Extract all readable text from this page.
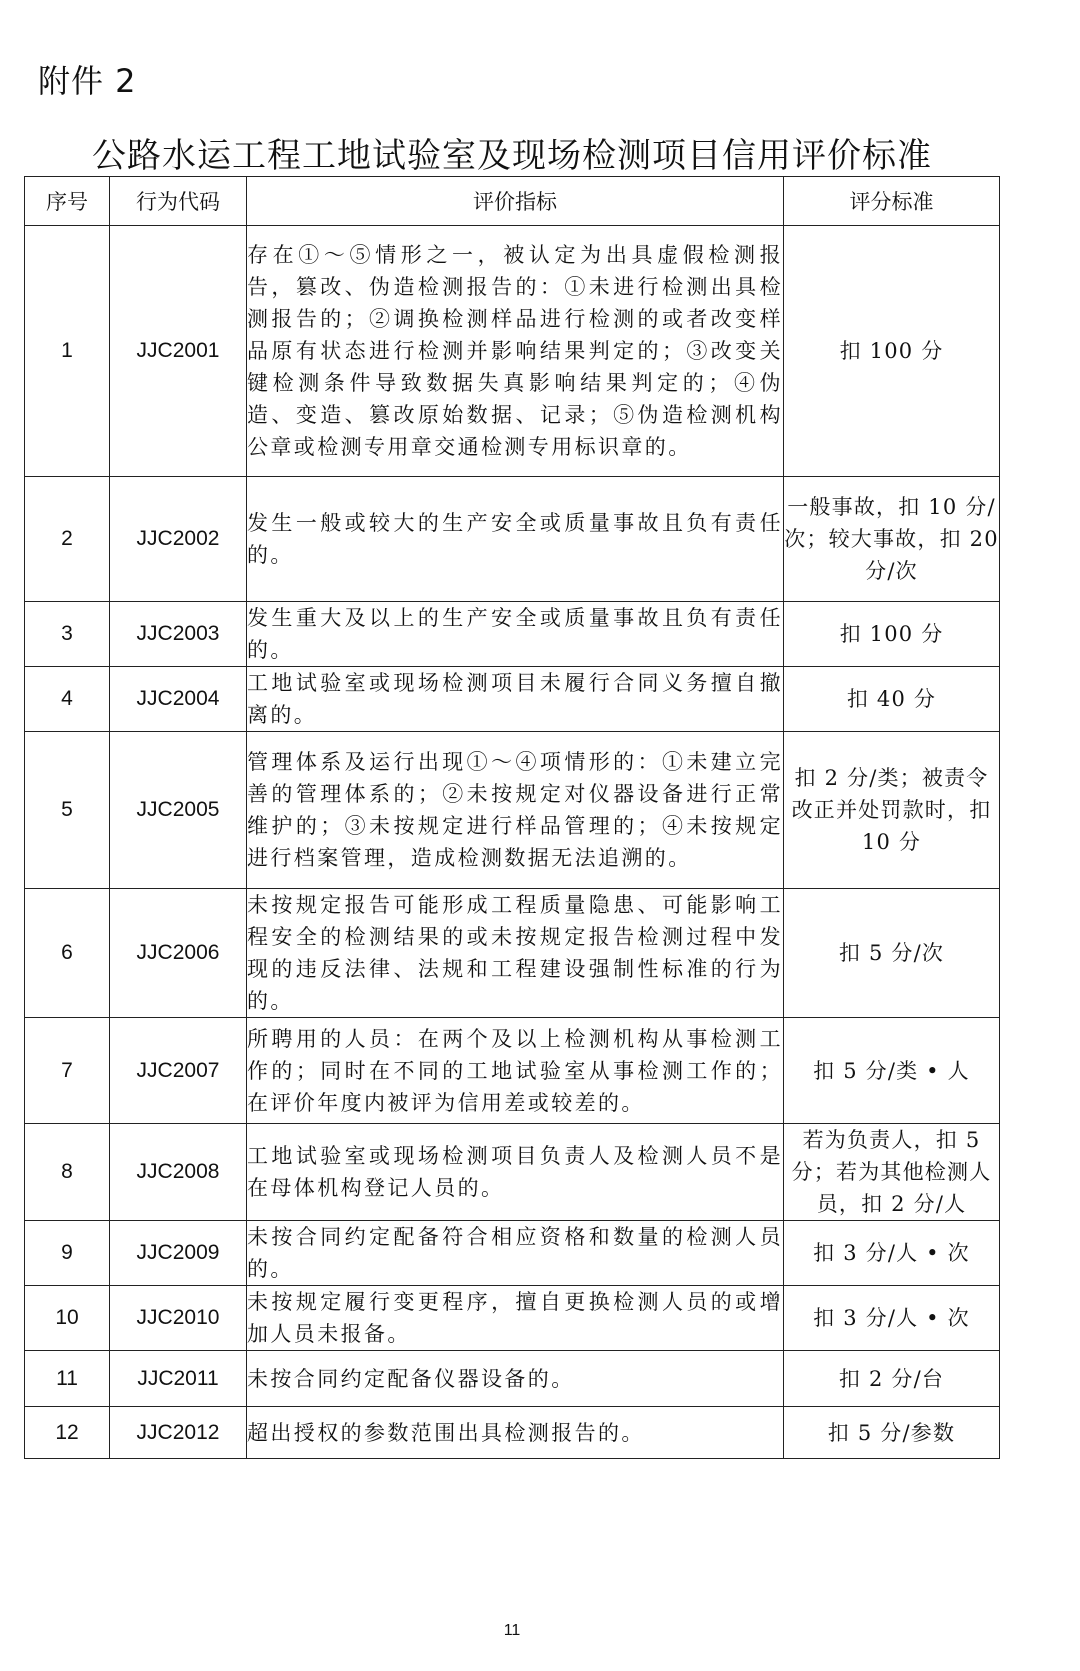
附件 2
公路水运工程工地试验室及现场检测项目信用评价标准
序号	行为代码	评价指标	评分标准
1	JJC2001	存在①～⑤情形之一，被认定为出具虚假检测报告，篡改、伪造检测报告的：①未进行检测出具检测报告的；②调换检测样品进行检测的或者改变样品原有状态进行检测并影响结果判定的；③改变关键检测条件导致数据失真影响结果判定的；④伪造、变造、篡改原始数据、记录；⑤伪造检测机构公章或检测专用章交通检测专用标识章的。	扣 100 分
2	JJC2002	发生一般或较大的生产安全或质量事故且负有责任的。	一般事故，扣 10 分/次；较大事故，扣 20 分/次
3	JJC2003	发生重大及以上的生产安全或质量事故且负有责任的。	扣 100 分
4	JJC2004	工地试验室或现场检测项目未履行合同义务擅自撤离的。	扣 40 分
5	JJC2005	管理体系及运行出现①～④项情形的：①未建立完善的管理体系的；②未按规定对仪器设备进行正常维护的；③未按规定进行样品管理的；④未按规定进行档案管理，造成检测数据无法追溯的。	扣 2 分/类；被责令改正并处罚款时，扣 10 分
6	JJC2006	未按规定报告可能形成工程质量隐患、可能影响工程安全的检测结果的或未按规定报告检测过程中发现的违反法律、法规和工程建设强制性标准的行为的。	扣 5 分/次
7	JJC2007	所聘用的人员：在两个及以上检测机构从事检测工作的；同时在不同的工地试验室从事检测工作的；在评价年度内被评为信用差或较差的。	扣 5 分/类 • 人
8	JJC2008	工地试验室或现场检测项目负责人及检测人员不是在母体机构登记人员的。	若为负责人，扣 5 分；若为其他检测人员，扣 2 分/人
9	JJC2009	未按合同约定配备符合相应资格和数量的检测人员的。	扣 3 分/人 • 次
10	JJC2010	未按规定履行变更程序，擅自更换检测人员的或增加人员未报备。	扣 3 分/人 • 次
11	JJC2011	未按合同约定配备仪器设备的。	扣 2 分/台
12	JJC2012	超出授权的参数范围出具检测报告的。	扣 5 分/参数
11
